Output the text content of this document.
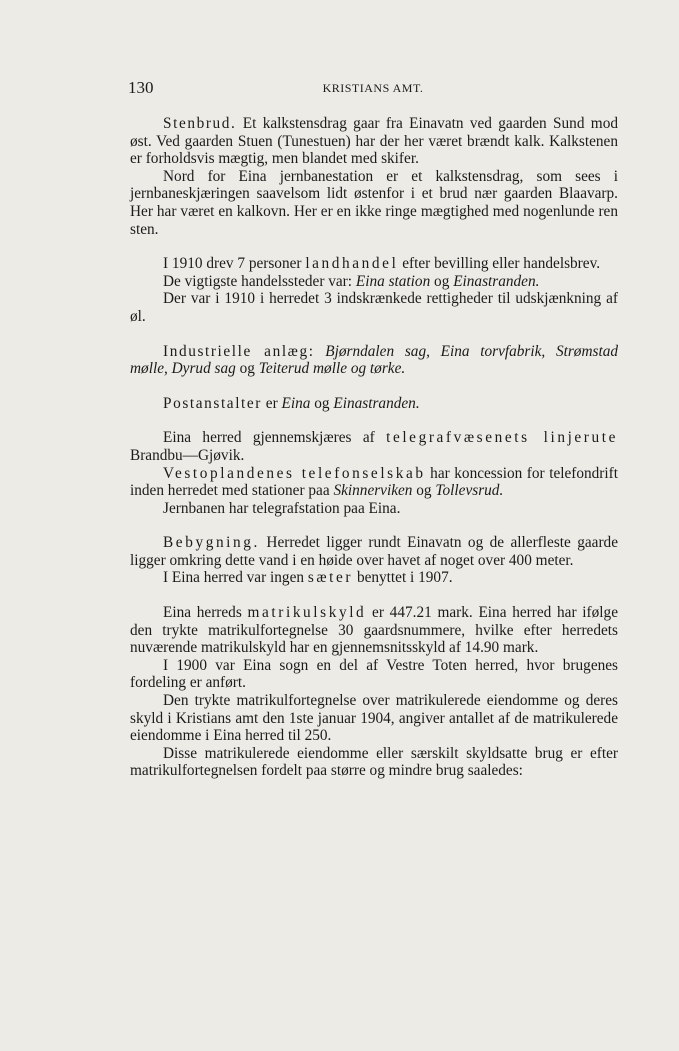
130	KRISTIANS AMT.

Stenbrud. Et kalkstensdrag gaar fra Einavatn ved gaarden Sund mod øst. Ved gaarden Stuen (Tunestuen) har der her været brændt kalk. Kalkstenen er forholdsvis mægtig, men blandet med skifer.

Nord for Eina jernbanestation er et kalkstensdrag, som sees i jernbaneskjæringen saavelsom lidt østenfor i et brud nær gaarden Blaavarp. Her har været en kalkovn. Her er en ikke ringe mægtighed med nogenlunde ren sten.

I 1910 drev 7 personer landhandel efter bevilling eller handelsbrev.

De vigtigste handelssteder var: Eina station og Einastranden.

Der var i 1910 i herredet 3 indskrænkede rettigheder til udskjænkning af øl.

Industrielle anlæg: Bjørndalen sag, Eina torvfabrik, Strømstad mølle, Dyrud sag og Teiterud mølle og tørke.

Postanstalter er Eina og Einastranden.

Eina herred gjennemskjæres af telegrafvæsenets linjerute Brandbu—Gjøvik.

Vestoplandenes telefonselskab har koncession for telefondrift inden herredet med stationer paa Skinnerviken og Tollevsrud.

Jernbanen har telegrafstation paa Eina.

Bebygning. Herredet ligger rundt Einavatn og de allerfleste gaarde ligger omkring dette vand i en høide over havet af noget over 400 meter.

I Eina herred var ingen sæter benyttet i 1907.

Eina herreds matrikulskyld er 447.21 mark. Eina herred har ifølge den trykte matrikulfortegnelse 30 gaardsnummere, hvilke efter herredets nuværende matrikulskyld har en gjennemsnitsskyld af 14.90 mark.

I 1900 var Eina sogn en del af Vestre Toten herred, hvor brugenes fordeling er anført.

Den trykte matrikulfortegnelse over matrikulerede eiendomme og deres skyld i Kristians amt den 1ste januar 1904, angiver antallet af de matrikulerede eiendomme i Eina herred til 250.

Disse matrikulerede eiendomme eller særskilt skyldsatte brug er efter matrikulfortegnelsen fordelt paa større og mindre brug saaledes:
